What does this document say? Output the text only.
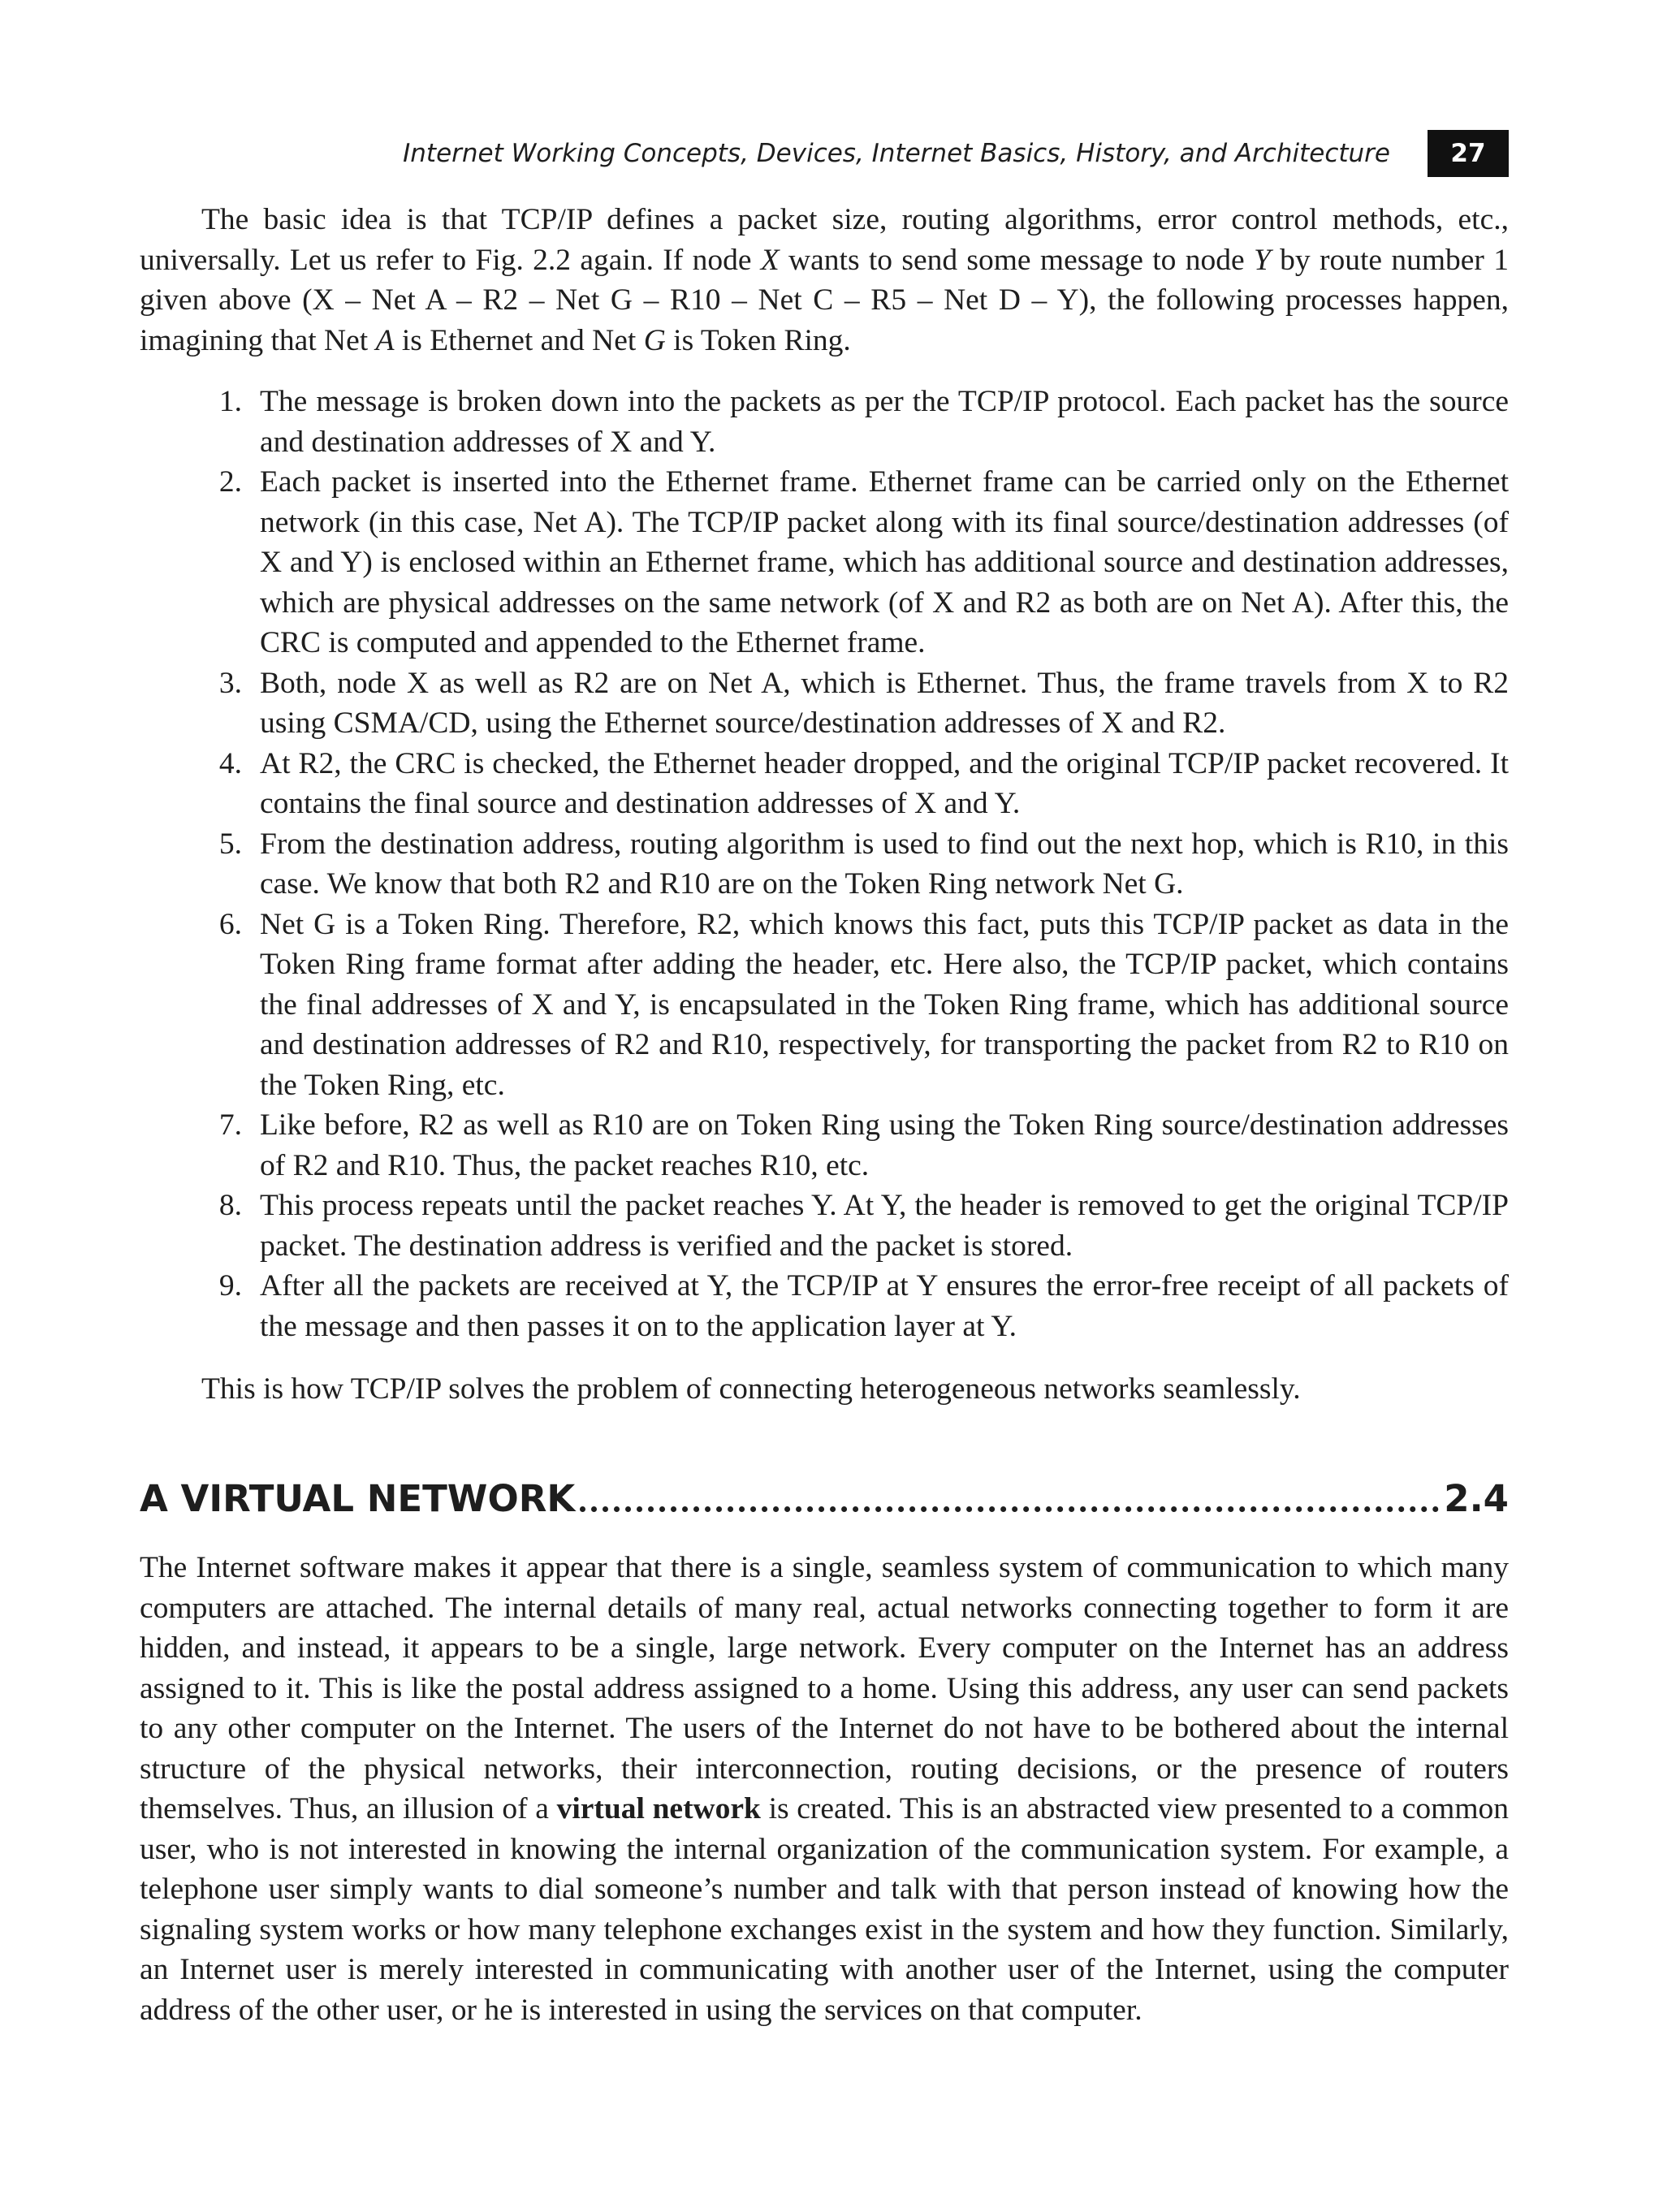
Internet Working Concepts, Devices, Internet Basics, History, and Architecture	27

The basic idea is that TCP/IP defines a packet size, routing algorithms, error control methods, etc., universally. Let us refer to Fig. 2.2 again. If node X wants to send some message to node Y by route number 1 given above (X – Net A – R2 – Net G – R10 – Net C – R5 – Net D – Y), the following processes happen, imagining that Net A is Ethernet and Net G is Token Ring.

1. The message is broken down into the packets as per the TCP/IP protocol. Each packet has the source and destination addresses of X and Y.
2. Each packet is inserted into the Ethernet frame. Ethernet frame can be carried only on the Ethernet network (in this case, Net A). The TCP/IP packet along with its final source/destination addresses (of X and Y) is enclosed within an Ethernet frame, which has additional source and destination addresses, which are physical addresses on the same network (of X and R2 as both are on Net A). After this, the CRC is computed and appended to the Ethernet frame.
3. Both, node X as well as R2 are on Net A, which is Ethernet. Thus, the frame travels from X to R2 using CSMA/CD, using the Ethernet source/destination addresses of X and R2.
4. At R2, the CRC is checked, the Ethernet header dropped, and the original TCP/IP packet recovered. It contains the final source and destination addresses of X and Y.
5. From the destination address, routing algorithm is used to find out the next hop, which is R10, in this case. We know that both R2 and R10 are on the Token Ring network Net G.
6. Net G is a Token Ring. Therefore, R2, which knows this fact, puts this TCP/IP packet as data in the Token Ring frame format after adding the header, etc. Here also, the TCP/IP packet, which contains the final addresses of X and Y, is encapsulated in the Token Ring frame, which has additional source and destination addresses of R2 and R10, respectively, for transporting the packet from R2 to R10 on the Token Ring, etc.
7. Like before, R2 as well as R10 are on Token Ring using the Token Ring source/destination addresses of R2 and R10. Thus, the packet reaches R10, etc.
8. This process repeats until the packet reaches Y. At Y, the header is removed to get the original TCP/IP packet. The destination address is verified and the packet is stored.
9. After all the packets are received at Y, the TCP/IP at Y ensures the error-free receipt of all packets of the message and then passes it on to the application layer at Y.

This is how TCP/IP solves the problem of connecting heterogeneous networks seamlessly.

A VIRTUAL NETWORK	2.4

The Internet software makes it appear that there is a single, seamless system of communication to which many computers are attached. The internal details of many real, actual networks connecting together to form it are hidden, and instead, it appears to be a single, large network. Every computer on the Internet has an address assigned to it. This is like the postal address assigned to a home. Using this address, any user can send packets to any other computer on the Internet. The users of the Internet do not have to be bothered about the internal structure of the physical networks, their interconnection, routing decisions, or the presence of routers themselves. Thus, an illusion of a virtual network is created. This is an abstracted view presented to a common user, who is not interested in knowing the internal organization of the communication system. For example, a telephone user simply wants to dial someone’s number and talk with that person instead of knowing how the signaling system works or how many telephone exchanges exist in the system and how they function. Similarly, an Internet user is merely interested in communicating with another user of the Internet, using the computer address of the other user, or he is interested in using the services on that computer.
